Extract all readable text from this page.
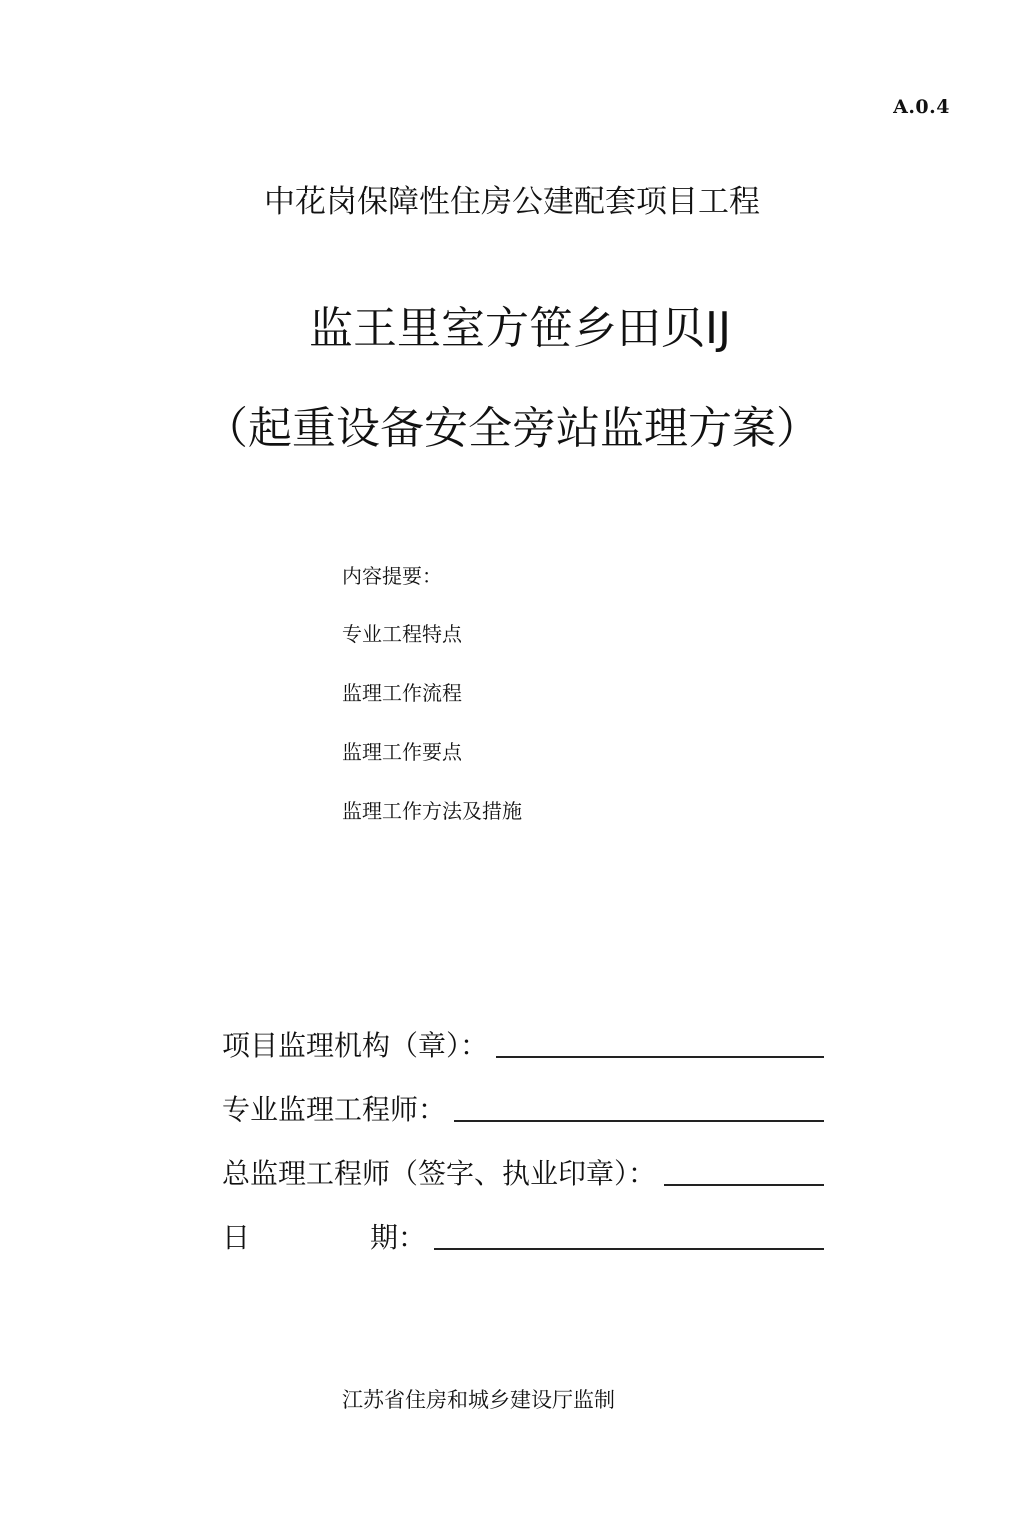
A.0.4
中花岗保障性住房公建配套项目工程
监王里室方笹乡田贝IJ
（起重设备安全旁站监理方案）
内容提要：
专业工程特点
监理工作流程
监理工作要点
监理工作方法及措施
项目监理机构（章）：
专业监理工程师：
总监理工程师（签字、执业印章）：
日	期：
江苏省住房和城乡建设厅监制
